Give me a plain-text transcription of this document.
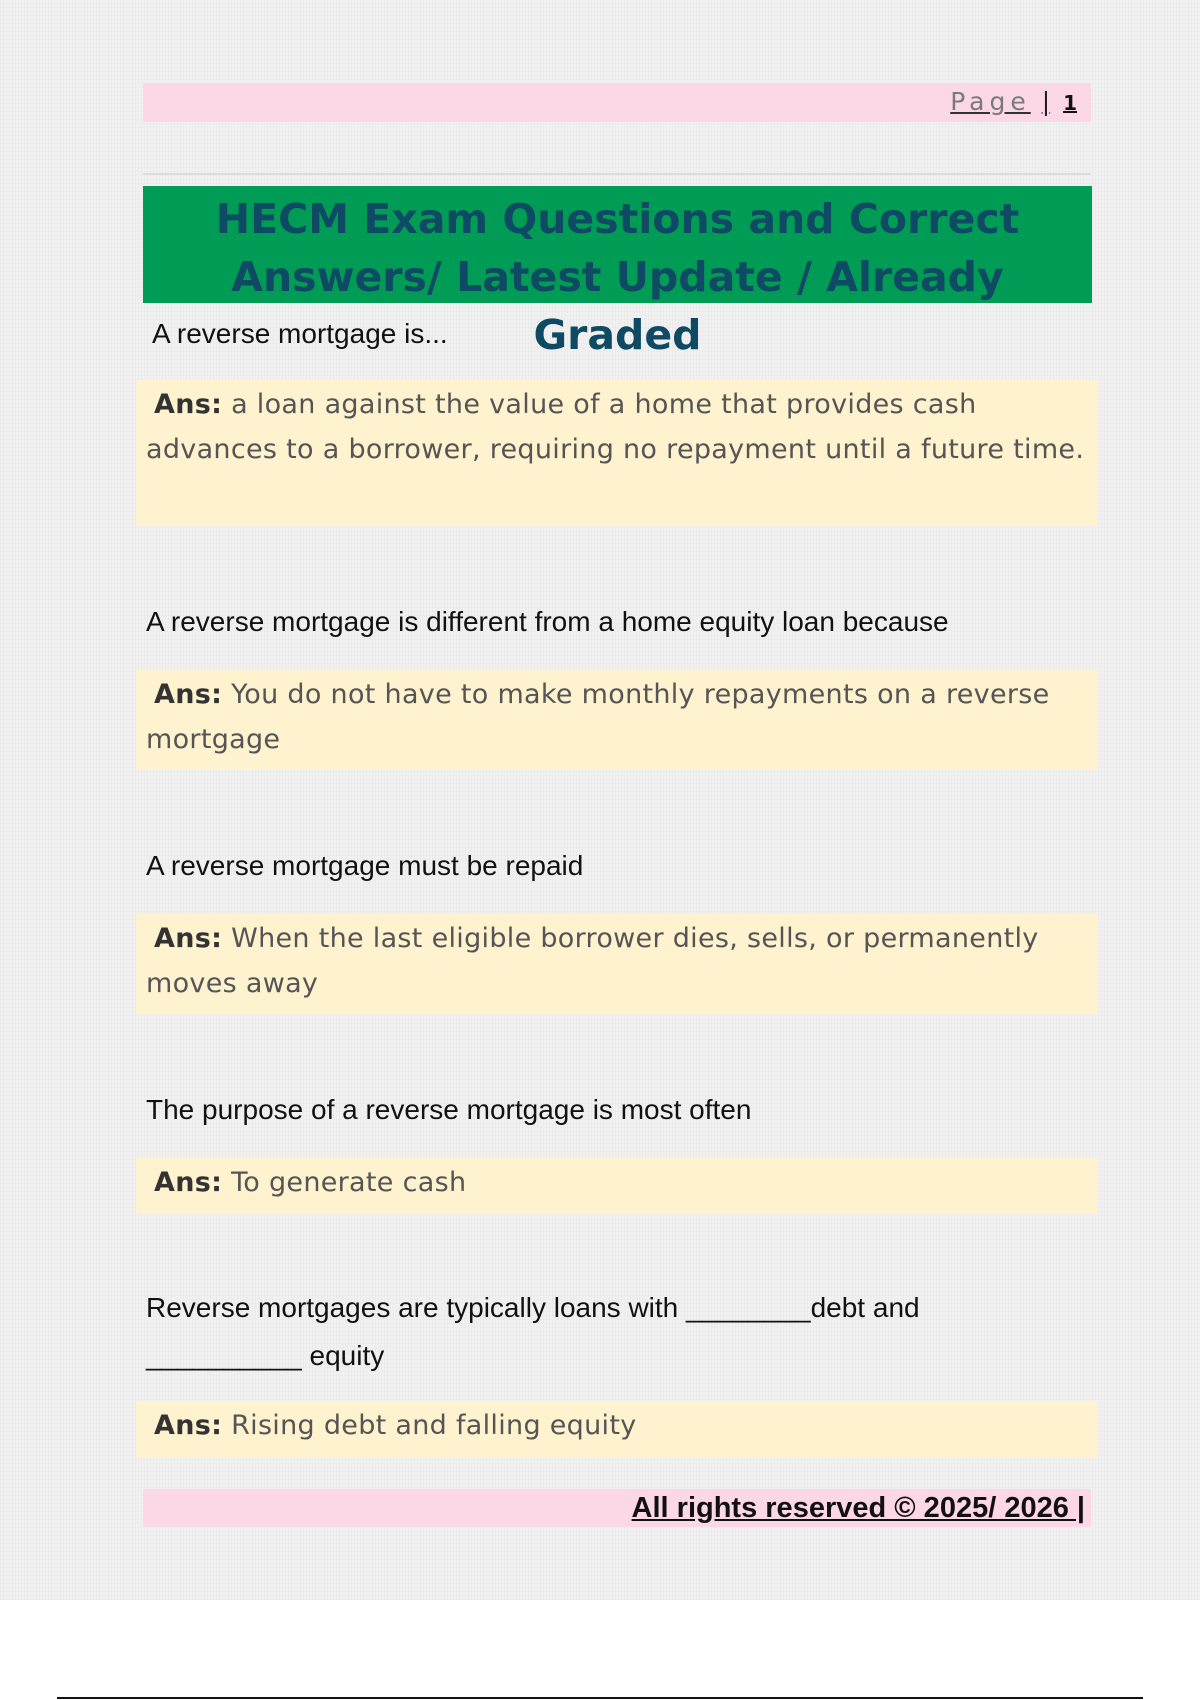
Page | 1
HECM Exam Questions and Correct
Answers/ Latest Update / Already Graded
A reverse mortgage is...
Ans: a loan against the value of a home that provides cash advances to a borrower, requiring no repayment until a future time.
A reverse mortgage is different from a home equity loan because
Ans: You do not have to make monthly repayments on a reverse mortgage
A reverse mortgage must be repaid
Ans: When the last eligible borrower dies, sells, or permanently moves away
The purpose of a reverse mortgage is most often
Ans: To generate cash
Reverse mortgages are typically loans with ________debt and
__________ equity
Ans: Rising debt and falling equity
All rights reserved © 2025/ 2026 |
